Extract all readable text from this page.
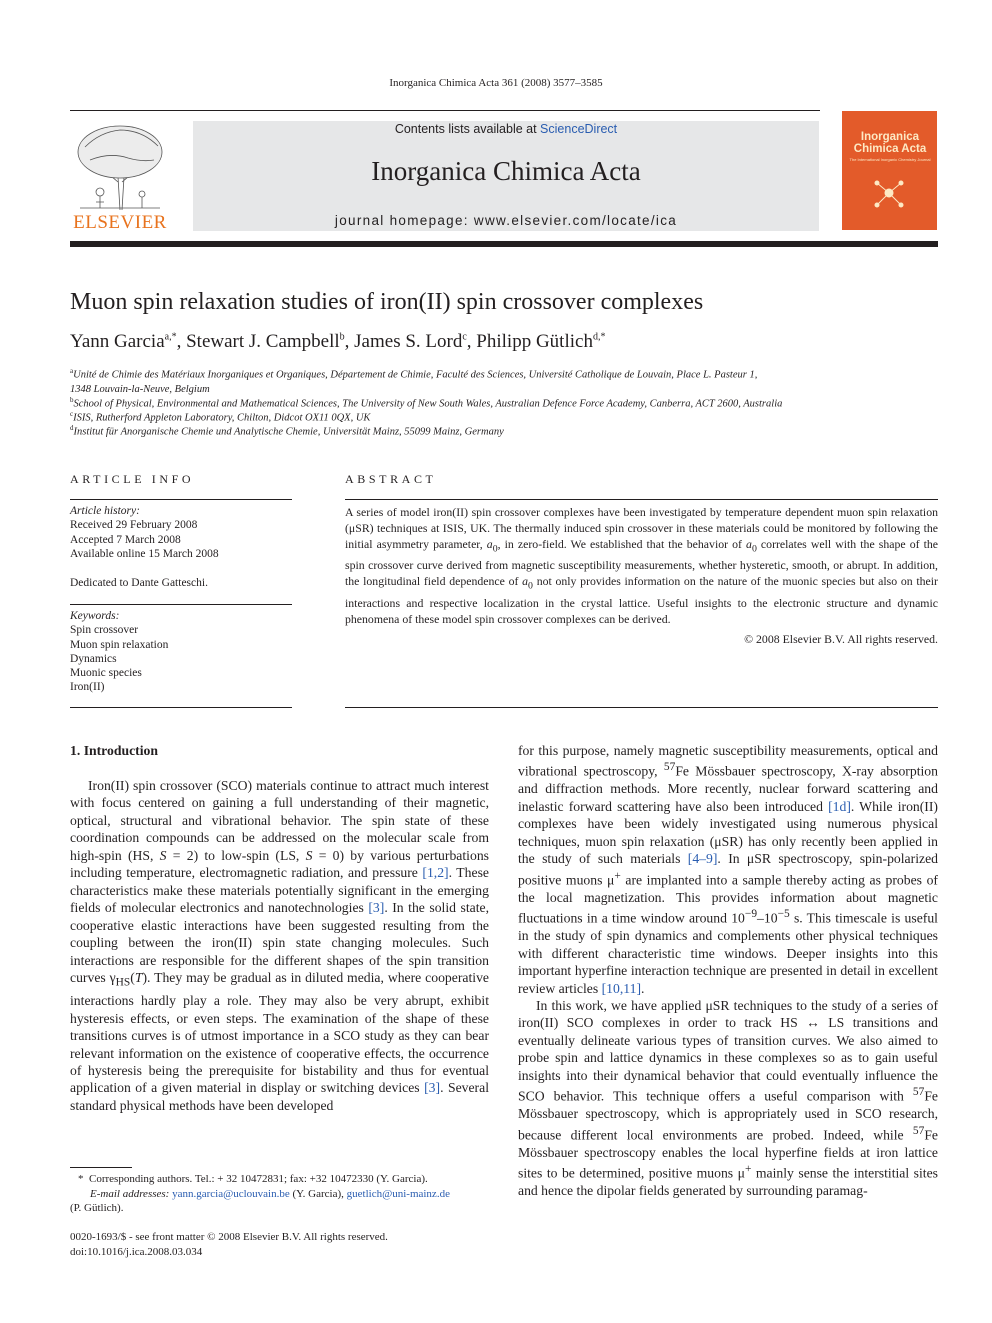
Inorganica Chimica Acta 361 (2008) 3577–3585
ELSEVIER
Contents lists available at ScienceDirect
Inorganica Chimica Acta
journal homepage: www.elsevier.com/locate/ica
Inorganica
Chimica Acta
The International Inorganic Chemistry Journal
Muon spin relaxation studies of iron(II) spin crossover complexes
Yann Garcia$^{a,*}$, Stewart J. Campbell$^b$, James S. Lord$^c$, Philipp Gütlich$^{d,*}$
$^a$Unité de Chimie des Matériaux Inorganiques et Organiques, Département de Chimie, Faculté des Sciences, Université Catholique de Louvain, Place L. Pasteur 1,
1348 Louvain-la-Neuve, Belgium
$^b$School of Physical, Environmental and Mathematical Sciences, The University of New South Wales, Australian Defence Force Academy, Canberra, ACT 2600, Australia
$^c$ISIS, Rutherford Appleton Laboratory, Chilton, Didcot OX11 0QX, UK
$^d$Institut für Anorganische Chemie und Analytische Chemie, Universität Mainz, 55099 Mainz, Germany
ARTICLE INFO
Article history:
Received 29 February 2008
Accepted 7 March 2008
Available online 15 March 2008
Dedicated to Dante Gatteschi.
Keywords:
Spin crossover
Muon spin relaxation
Dynamics
Muonic species
Iron(II)
ABSTRACT
A series of model iron(II) spin crossover complexes have been investigated by temperature dependent muon spin relaxation (μSR) techniques at ISIS, UK. The thermally induced spin crossover in these materials could be monitored by following the initial asymmetry parameter, $a_0$, in zero-field. We established that the behavior of $a_0$ correlates well with the shape of the spin crossover curve derived from magnetic susceptibility measurements, whether hysteretic, smooth, or abrupt. In addition, the longitudinal field dependence of $a_0$ not only provides information on the nature of the muonic species but also on their interactions and respective localization in the crystal lattice. Useful insights to the electronic structure and dynamic phenomena of these model spin crossover complexes can be derived.
© 2008 Elsevier B.V. All rights reserved.
1. Introduction

Iron(II) spin crossover (SCO) materials continue to attract much interest with focus centered on gaining a full understanding of their magnetic, optical, structural and vibrational behavior. The spin state of these coordination compounds can be addressed on the molecular scale from high-spin (HS, S = 2) to low-spin (LS, S = 0) by various perturbations including temperature, electromagnetic radiation, and pressure [1,2]. These characteristics make these materials potentially significant in the emerging fields of molecular electronics and nanotechnologies [3]. In the solid state, cooperative elastic interactions have been suggested resulting from the coupling between the iron(II) spin state changing molecules. Such interactions are responsible for the different shapes of the spin transition curves $\gamma_{HS}(T)$. They may be gradual as in diluted media, where cooperative interactions hardly play a role. They may also be very abrupt, exhibit hysteresis effects, or even steps. The examination of the shape of these transitions curves is of utmost importance in a SCO study as they can bear relevant information on the existence of cooperative effects, the occurrence of hysteresis being the prerequisite for bistability and thus for eventual application of a given material in display or switching devices [3]. Several standard physical methods have been developed

for this purpose, namely magnetic susceptibility measurements, optical and vibrational spectroscopy, $^{57}$Fe Mössbauer spectroscopy, X-ray absorption and diffraction methods. More recently, nuclear forward scattering and inelastic forward scattering have also been introduced [1d]. While iron(II) complexes have been widely investigated using numerous physical techniques, muon spin relaxation (μSR) has only recently been applied in the study of such materials [4–9]. In μSR spectroscopy, spin-polarized positive muons μ+ are implanted into a sample thereby acting as probes of the local magnetization. This provides information about magnetic fluctuations in a time window around $10^{-9}-10^{-5}$ s. This timescale is useful in the study of spin dynamics and complements other physical techniques with different characteristic time windows. Deeper insights into this important hyperfine interaction technique are presented in detail in excellent review articles [10,11].

In this work, we have applied μSR techniques to the study of a series of iron(II) SCO complexes in order to track HS ↔ LS transitions and eventually delineate various types of transition curves. We also aimed to probe spin and lattice dynamics in these complexes so as to gain useful insights into their dynamical behavior that could eventually influence the SCO behavior. This technique offers a useful comparison with $^{57}$Fe Mössbauer spectroscopy, which is appropriately used in SCO research, because different local environments are probed. Indeed, while $^{57}$Fe Mössbauer spectroscopy enables the local hyperfine fields at iron lattice sites to be determined, positive muons μ+ mainly sense the interstitial sites and hence the dipolar fields generated by surrounding paramag-

* Corresponding authors. Tel.: + 32 10472831; fax: +32 10472330 (Y. Garcia).
E-mail addresses: yann.garcia@uclouvain.be (Y. Garcia), guetlich@uni-mainz.de
(P. Gütlich).
0020-1693/$ - see front matter © 2008 Elsevier B.V. All rights reserved.
doi:10.1016/j.ica.2008.03.034
